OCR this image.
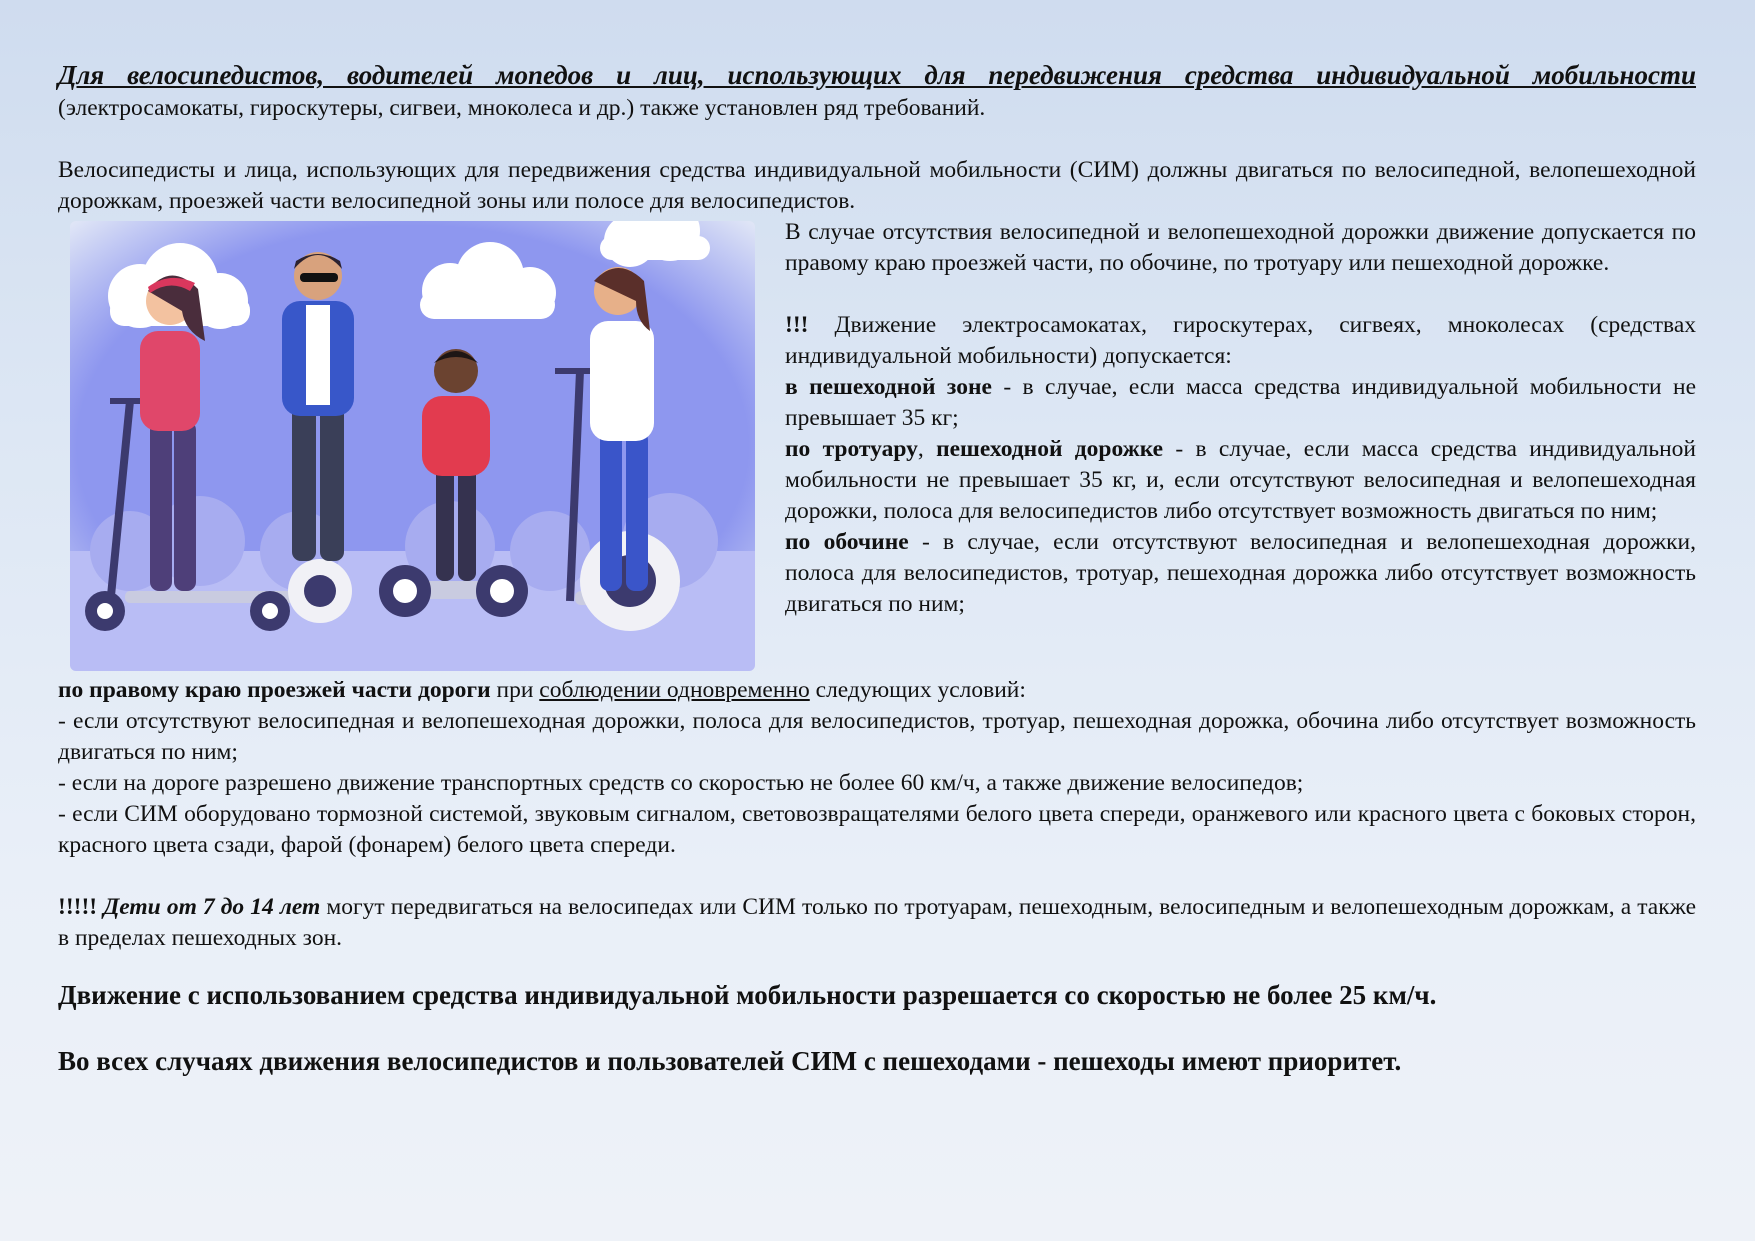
Для велосипедистов, водителей мопедов и лиц, использующих для передвижения средства индивидуальной мобильности (электросамокаты, гироскутеры, сигвеи, мноколеса и др.) также установлен ряд требований.

Велосипедисты и лица, использующих для передвижения средства индивидуальной мобильности (СИМ) должны двигаться по велосипедной, велопешеходной дорожкам, проезжей части велосипедной зоны или полосе для велосипедистов.

В случае отсутствия велосипедной и велопешеходной дорожки движение допускается по правому краю проезжей части, по обочине, по тротуару или пешеходной дорожке.

!!! Движение электросамокатах, гироскутерах, сигвеях, мноколесах (средствах индивидуальной мобильности) допускается:

в пешеходной зоне - в случае, если масса средства индивидуальной мобильности не превышает 35 кг;

по тротуару, пешеходной дорожке - в случае, если масса средства индивидуальной мобильности не превышает 35 кг, и, если отсутствуют велосипедная и велопешеходная дорожки, полоса для велосипедистов либо отсутствует возможность двигаться по ним;

по обочине - в случае, если отсутствуют велосипедная и велопешеходная дорожки, полоса для велосипедистов, тротуар, пешеходная дорожка либо отсутствует возможность двигаться по ним;

по правому краю проезжей части дороги при соблюдении одновременно следующих условий:

- если отсутствуют велосипедная и велопешеходная дорожки, полоса для велосипедистов, тротуар, пешеходная дорожка, обочина либо отсутствует возможность двигаться по ним;

- если на дороге разрешено движение транспортных средств со скоростью не более 60 км/ч, а также движение велосипедов;

- если СИМ оборудовано тормозной системой, звуковым сигналом, световозвращателями белого цвета спереди, оранжевого или красного цвета с боковых сторон, красного цвета сзади, фарой (фонарем) белого цвета спереди.

!!!!! Дети от 7 до 14 лет могут передвигаться на велосипедах или СИМ только по тротуарам, пешеходным, велосипедным и велопешеходным дорожкам, а также в пределах пешеходных зон.

Движение с использованием средства индивидуальной мобильности разрешается со скоростью не более 25 км/ч.

Во всех случаях движения велосипедистов и пользователей СИМ с пешеходами - пешеходы имеют приоритет.
